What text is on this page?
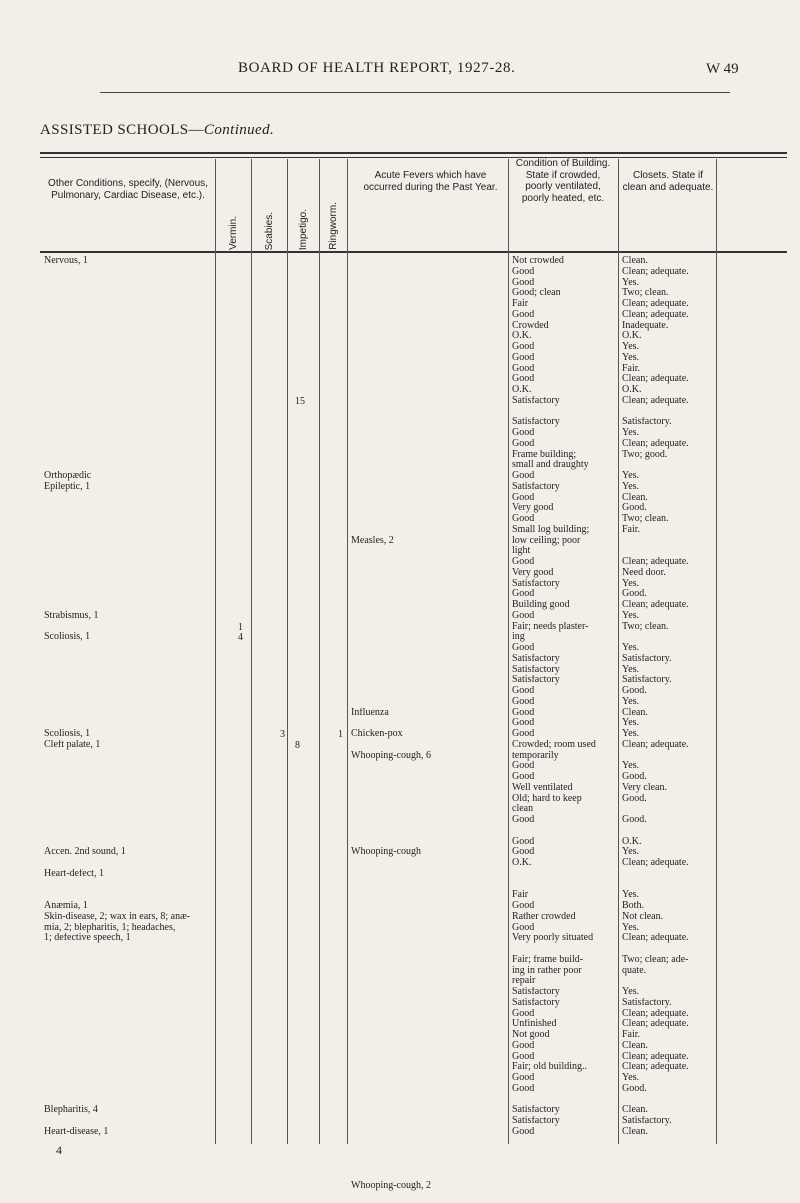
BOARD OF HEALTH REPORT, 1927-28.	W 49
ASSISTED SCHOOLS—Continued.
Other Conditions, specify, (Nervous, Pulmonary, Cardiac Disease, etc.).
Vermin.	Scabies. Impetigo. Ringworm.
Acute Fevers which have occurred during the Past Year.
Condition of Building. State if crowded, poorly ventilated, poorly heated, etc.
Closets. State if clean and adequate.
Nervous, 1
Orthopædic
Epileptic, 1
Strabismus, 1
Scoliosis, 1
Scoliosis, 1
Cleft palate, 1
Accen. 2nd sound, 1
Heart-defect, 1
Anæmia, 1
Skin-disease, 2; wax in ears, 8; anæ-
mia, 2; blepharitis, 1; headaches,
1; defective speech, 1
Blepharitis, 4
Heart-disease, 1
Measles, 2
Influenza
Chicken-pox
Whooping-cough, 6
Whooping-cough
Whooping-cough, 2
Not crowded
Good
Good
Good; clean
Fair
Good
Crowded
O.K.
Good
Good
Good
Good
O.K.
Satisfactory
Satisfactory
Good
Good
Frame building;
small and draughty
Good
Satisfactory
Good
Very good
Good
Small log building;
low ceiling; poor
light
Good
Very good
Satisfactory
Good
Building good
Good
Fair; needs plaster-
ing
Good
Satisfactory
Satisfactory
Satisfactory
Good
Good
Good
Good
Good
Crowded; room used
temporarily
Good
Good
Well ventilated
Old; hard to keep
clean
Good
Good
Good
O.K.
Fair
Good
Rather crowded
Good
Very poorly situated
Fair; frame build-
ing in rather poor
repair
Satisfactory
Satisfactory
Good
Unfinished
Not good
Good
Good
Fair; old building..
Good
Good
Satisfactory
Satisfactory
Good
Clean.
Clean; adequate.
Yes.
Two; clean.
Clean; adequate.
Clean; adequate.
Inadequate.
O.K.
Yes.
Yes.
Fair.
Clean; adequate.
O.K.
Clean; adequate.
Satisfactory.
Yes.
Clean; adequate.
Two; good.
Yes.
Yes.
Clean.
Good.
Two; clean.
Fair.
Clean; adequate.
Need door.
Yes.
Good.
Clean; adequate.
Yes.
Two; clean.
Yes.
Satisfactory.
Yes.
Satisfactory.
Good.
Yes.
Clean.
Yes.
Yes.
Clean; adequate.
Yes.
Good.
Very clean.
Good.
Good.
O.K.
Yes.
Clean; adequate.
Yes.
Both.
Not clean.
Yes.
Clean; adequate.
Two; clean; ade-
quate.
Yes.
Satisfactory.
Clean; adequate.
Clean; adequate.
Fair.
Clean.
Clean; adequate.
Clean; adequate.
Yes.
Good.
Clean.
Satisfactory.
Clean.
1
4
3
15
8
1
4
